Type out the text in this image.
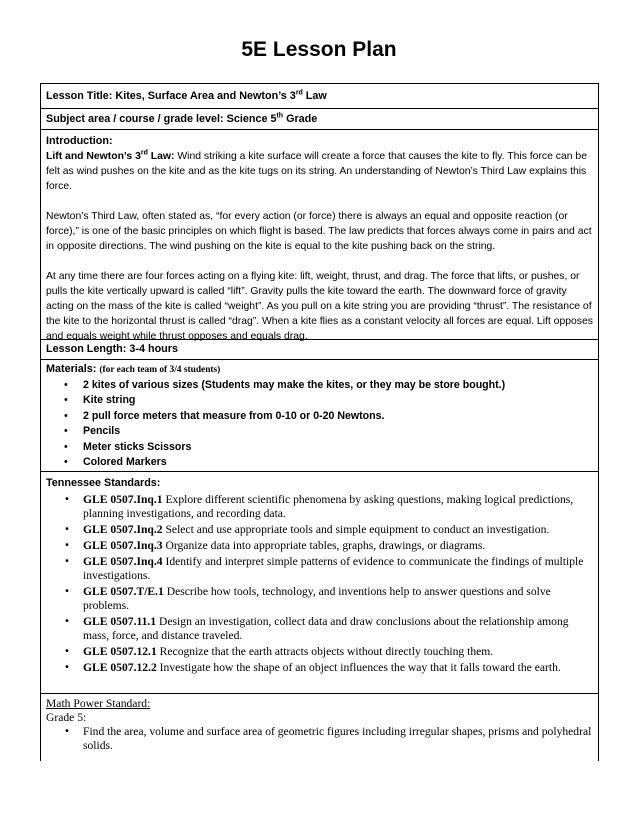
5E Lesson Plan
Lesson Title: Kites, Surface Area and Newton’s 3rd Law
Subject area / course / grade level: Science 5th Grade

Introduction:

Lift and Newton’s 3rd Law: Wind striking a kite surface will create a force that causes the kite to fly. This force can be felt as wind pushes on the kite and as the kite tugs on its string. An understanding of Newton’s Third Law explains this force.

Newton’s Third Law, often stated as, “for every action (or force) there is always an equal and opposite reaction (or force),” is one of the basic principles on which flight is based. The law predicts that forces always come in pairs and act in opposite directions. The wind pushing on the kite is equal to the kite pushing back on the string.

At any time there are four forces acting on a flying kite: lift, weight, thrust, and drag. The force that lifts, or pushes, or pulls the kite vertically upward is called “lift”. Gravity pulls the kite toward the earth. The downward force of gravity acting on the mass of the kite is called “weight”. As you pull on a kite string you are providing “thrust”. The resistance of the kite to the horizontal thrust is called “drag”. When a kite flies as a constant velocity all forces are equal. Lift opposes and equals weight while thrust opposes and equals drag.

Lesson Length: 3-4 hours

Materials: (for each team of 3/4 students)

• 2 kites of various sizes (Students may make the kites, or they may be store bought.)
• Kite string
• 2 pull force meters that measure from 0-10 or 0-20 Newtons.
• Pencils
• Meter sticks Scissors
• Colored Markers

Tennessee Standards:

• GLE 0507.Inq.1 Explore different scientific phenomena by asking questions, making logical predictions, planning investigations, and recording data.
• GLE 0507.Inq.2 Select and use appropriate tools and simple equipment to conduct an investigation.
• GLE 0507.Inq.3 Organize data into appropriate tables, graphs, drawings, or diagrams.
• GLE 0507.Inq.4 Identify and interpret simple patterns of evidence to communicate the findings of multiple investigations.
• GLE 0507.T/E.1 Describe how tools, technology, and inventions help to answer questions and solve problems.
• GLE 0507.11.1 Design an investigation, collect data and draw conclusions about the relationship among mass, force, and distance traveled.
• GLE 0507.12.1 Recognize that the earth attracts objects without directly touching them.
• GLE 0507.12.2 Investigate how the shape of an object influences the way that it falls toward the earth.

Math Power Standard:

Grade 5:

• Find the area, volume and surface area of geometric figures including irregular shapes, prisms and polyhedral solids.
